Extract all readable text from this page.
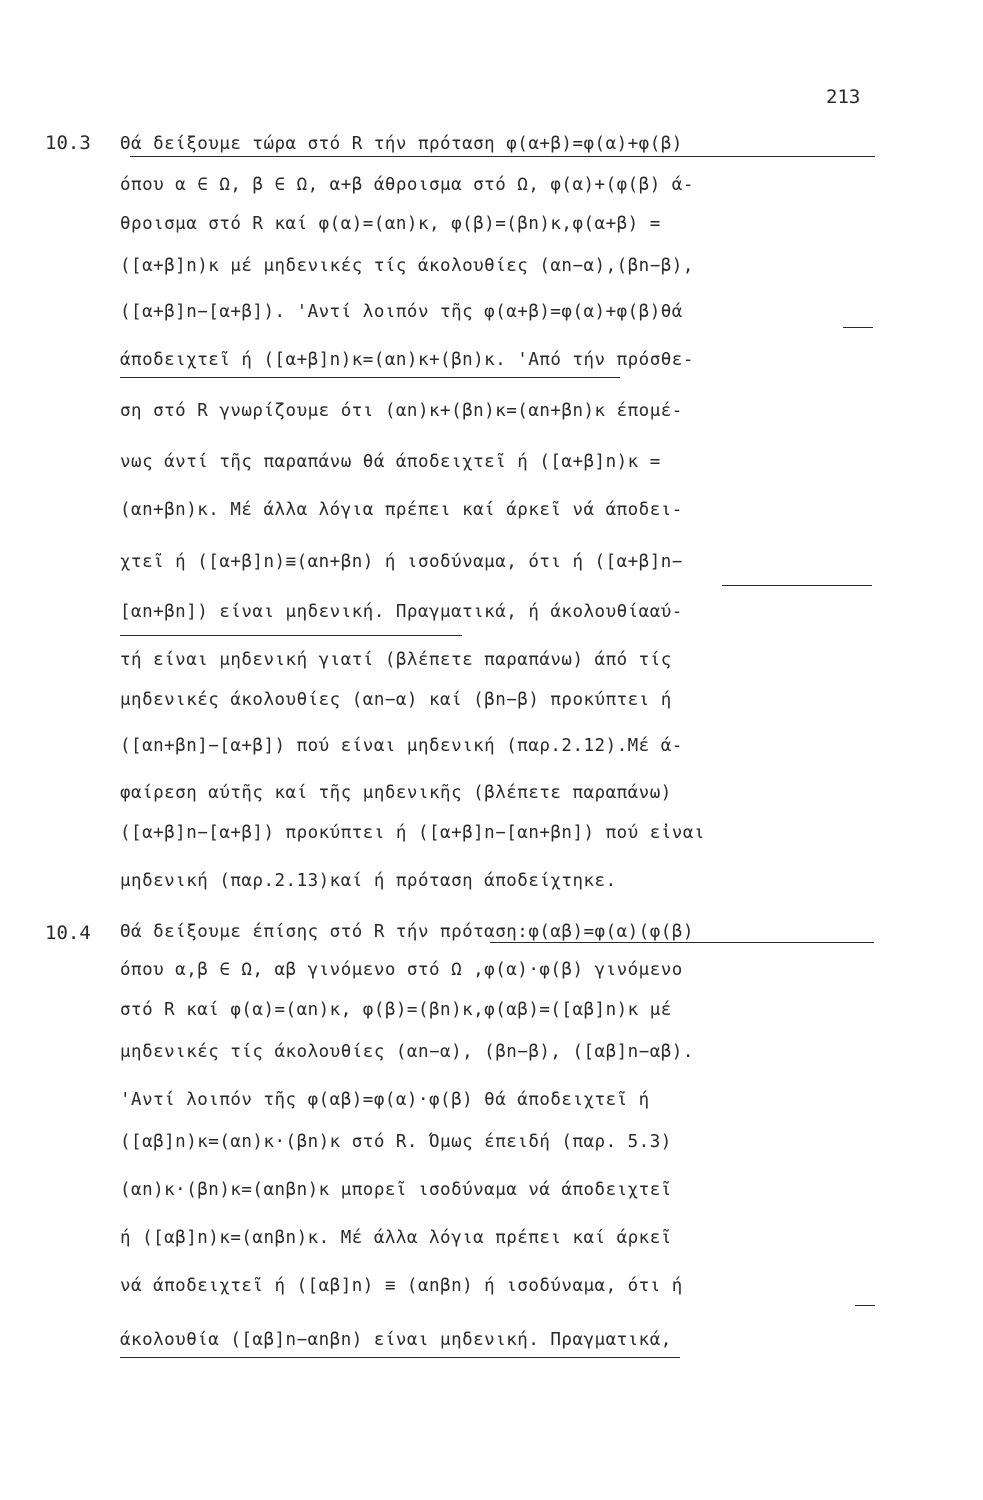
213
10.3 Θά δείξουμε τώρα στό R τήν πρόταση φ(α+β)=φ(α)+φ(β)
όπου α ∈ Ω, β ∈ Ω, α+β άθροισμα στό Ω, φ(α)+(φ(β) ά-
θροισμα στό R καί φ(α)=(αn)κ, φ(β)=(βn)κ,φ(α+β) =
([α+β]n)κ μέ μηδενικές τίς άκολουθίες (αn−α),(βn−β),
([α+β]n−[α+β]). 'Αντί λοιπόν τῆς φ(α+β)=φ(α)+φ(β)θά
άποδειχτεῖ ή ([α+β]n)κ=(αn)κ+(βn)κ. 'Από τήν πρόσθε-
ση στό R γνωρίζουμε ότι (αn)κ+(βn)κ=(αn+βn)κ έπομέ-
νως άντί τῆς παραπάνω θά άποδειχτεῖ ή ([α+β]n)κ =
(αn+βn)κ. Μέ άλλα λόγια πρέπει καί άρκεῖ νά άποδει-
χτεῖ ή ([α+β]n)≡(αn+βn) ή ισοδύναμα, ότι ή ([α+β]n−
[αn+βn]) είναι μηδενική. Πραγματικά, ή άκολουθίααύ-
τή είναι μηδενική γιατί (βλέπετε παραπάνω) άπό τίς
μηδενικές άκολουθίες (αn−α) καί (βn−β) προκύπτει ή
([αn+βn]−[α+β]) πού είναι μηδενική (παρ.2.12).Μέ ά-
φαίρεση αύτῆς καί τῆς μηδενικῆς (βλέπετε παραπάνω)
([α+β]n−[α+β]) προκύπτει ή ([α+β]n−[αn+βn]) πού εἶναι
μηδενική (παρ.2.13)καί ή πρόταση άποδείχτηκε.
10.4 Θά δείξουμε έπίσης στό R τήν πρόταση:φ(αβ)=φ(α)(φ(β)
όπου α,β ∈ Ω, αβ γινόμενο στό Ω ,φ(α)·φ(β) γινόμενο
στό R καί φ(α)=(αn)κ, φ(β)=(βn)κ,φ(αβ)=([αβ]n)κ μέ
μηδενικές τίς άκολουθίες (αn−α), (βn−β), ([αβ]n−αβ).
'Αντί λοιπόν τῆς φ(αβ)=φ(α)·φ(β) θά άποδειχτεῖ ή
([αβ]n)κ=(αn)κ·(βn)κ στό R. Όμως έπειδή (παρ. 5.3)
(αn)κ·(βn)κ=(αnβn)κ μπορεῖ ισοδύναμα νά άποδειχτεῖ
ή ([αβ]n)κ=(αnβn)κ. Μέ άλλα λόγια πρέπει καί άρκεῖ
νά άποδειχτεῖ ή ([αβ]n) ≡ (αnβn) ή ισοδύναμα, ότι ή
άκολουθία ([αβ]n−αnβn) είναι μηδενική. Πραγματικά,
